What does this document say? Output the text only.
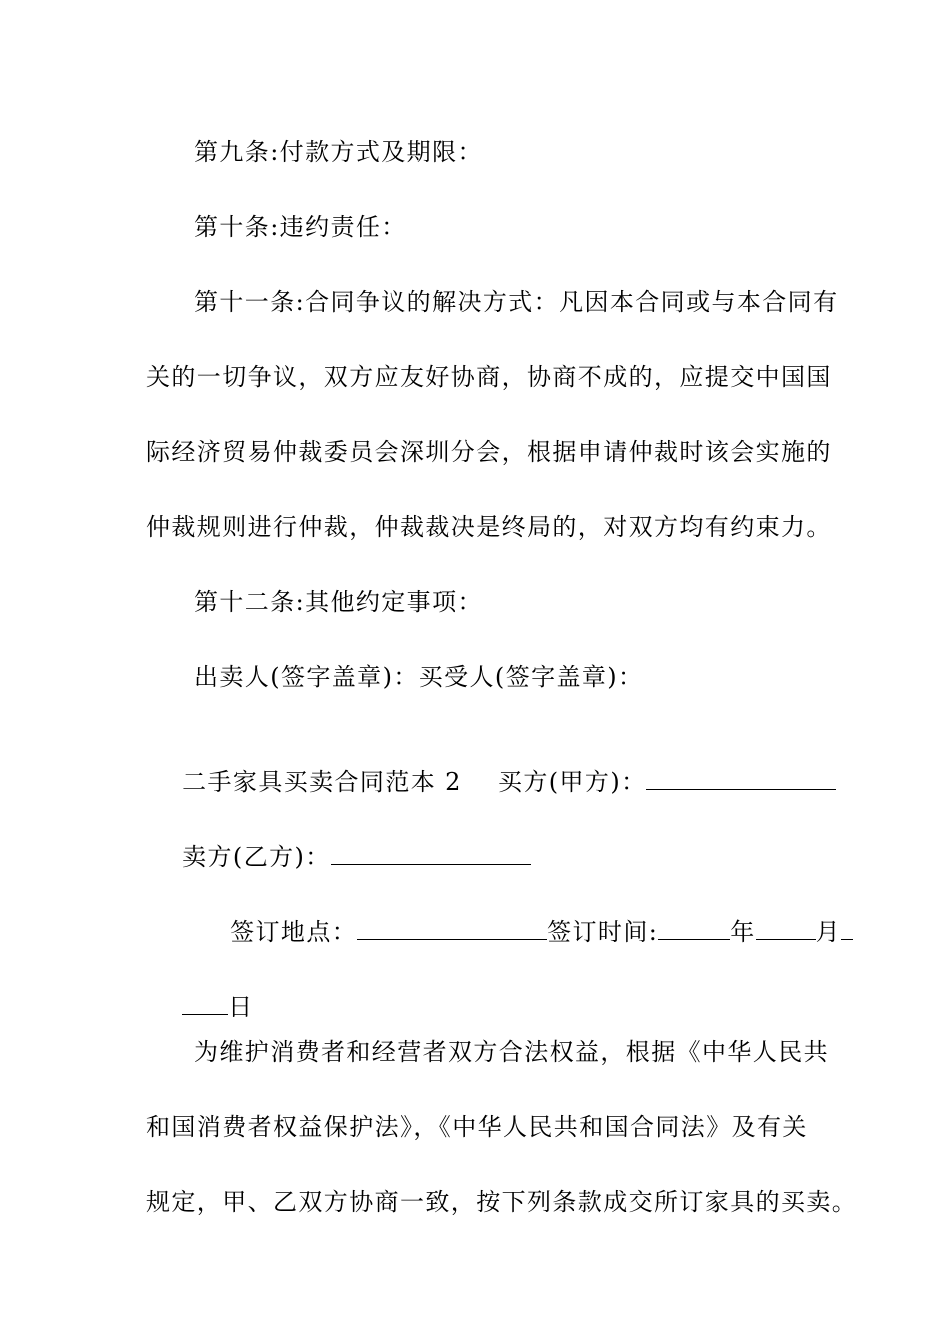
第九条:付款方式及期限：
第十条:违约责任：
第十一条:合同争议的解决方式：凡因本合同或与本合同有
关的一切争议，双方应友好协商，协商不成的，应提交中国国
际经济贸易仲裁委员会深圳分会，根据申请仲裁时该会实施的
仲裁规则进行仲裁，仲裁裁决是终局的，对双方均有约束力。
第十二条:其他约定事项：
出卖人(签字盖章)：买受人(签字盖章)：

二手家具买卖合同范本 2 买方(甲方)：

卖方(乙方)：

签订地点：	签订时间:	年	月

日

为维护消费者和经营者双方合法权益，根据《中华人民共
和国消费者权益保护法》，《中华人民共和国合同法》及有关
规定，甲、乙双方协商一致，按下列条款成交所订家具的买卖。
